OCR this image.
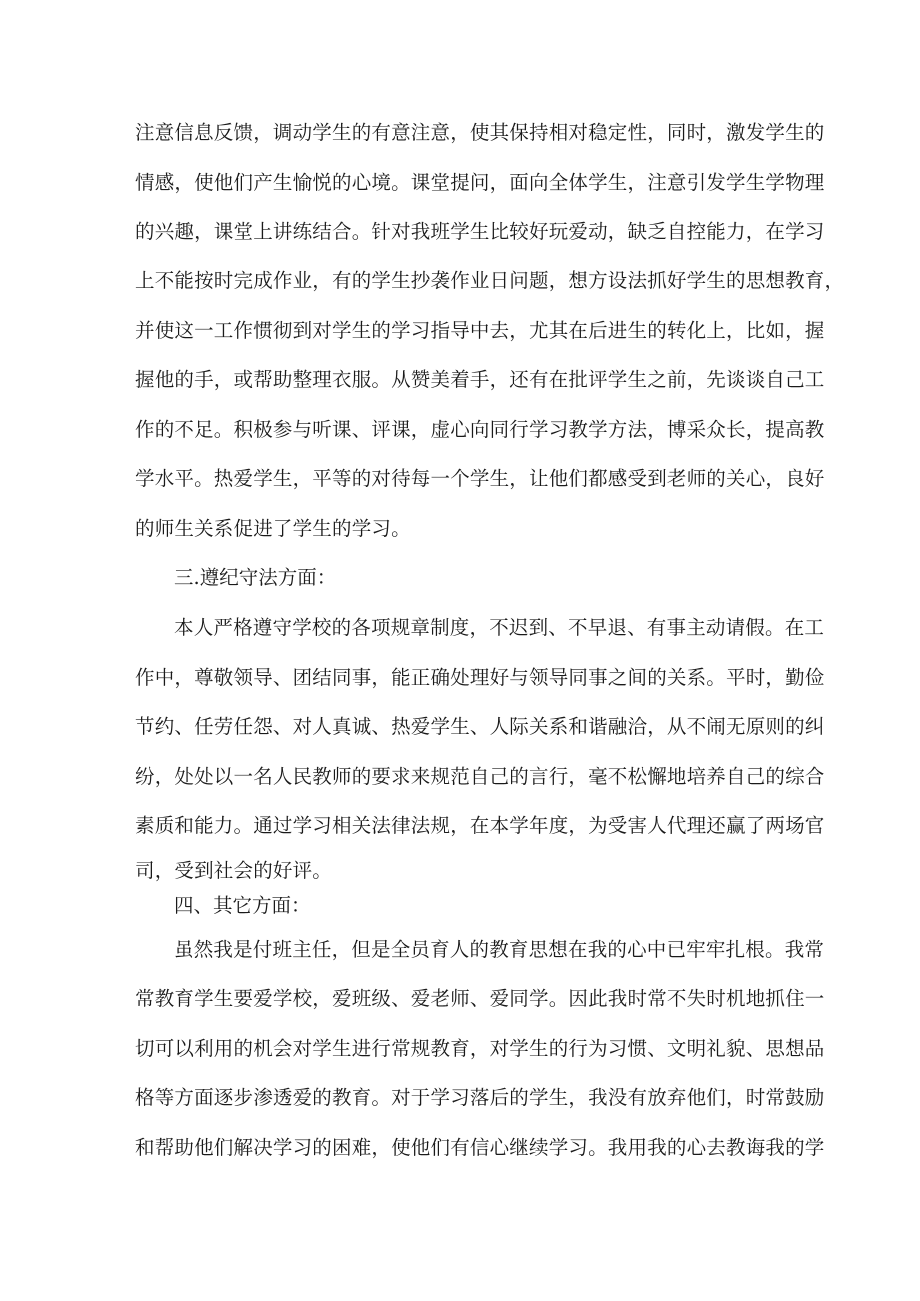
注意信息反馈，调动学生的有意注意，使其保持相对稳定性，同时，激发学生的
情感，使他们产生愉悦的心境。课堂提问，面向全体学生，注意引发学生学物理
的兴趣，课堂上讲练结合。针对我班学生比较好玩爱动，缺乏自控能力，在学习
上不能按时完成作业，有的学生抄袭作业日问题，想方设法抓好学生的思想教育，
并使这一工作惯彻到对学生的学习指导中去，尤其在后进生的转化上，比如，握
握他的手，或帮助整理衣服。从赞美着手，还有在批评学生之前，先谈谈自己工
作的不足。积极参与听课、评课，虚心向同行学习教学方法，博采众长，提高教
学水平。热爱学生，平等的对待每一个学生，让他们都感受到老师的关心，良好
的师生关系促进了学生的学习。
三.遵纪守法方面：
本人严格遵守学校的各项规章制度，不迟到、不早退、有事主动请假。在工
作中，尊敬领导、团结同事，能正确处理好与领导同事之间的关系。平时，勤俭
节约、任劳任怨、对人真诚、热爱学生、人际关系和谐融洽，从不闹无原则的纠
纷，处处以一名人民教师的要求来规范自己的言行，毫不松懈地培养自己的综合
素质和能力。通过学习相关法律法规，在本学年度，为受害人代理还赢了两场官
司，受到社会的好评。
四、其它方面：
虽然我是付班主任，但是全员育人的教育思想在我的心中已牢牢扎根。我常
常教育学生要爱学校，爱班级、爱老师、爱同学。因此我时常不失时机地抓住一
切可以利用的机会对学生进行常规教育，对学生的行为习惯、文明礼貌、思想品
格等方面逐步渗透爱的教育。对于学习落后的学生，我没有放弃他们，时常鼓励
和帮助他们解决学习的困难，使他们有信心继续学习。我用我的心去教诲我的学
